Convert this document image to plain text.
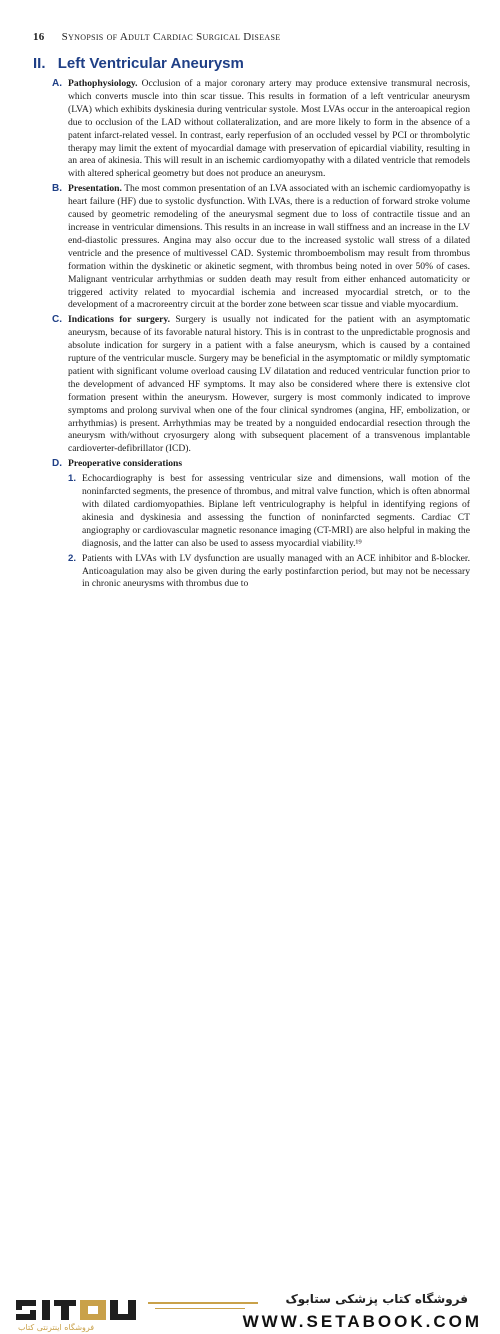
16 Synopsis of Adult Cardiac Surgical Disease
II. Left Ventricular Aneurysm
A. Pathophysiology. Occlusion of a major coronary artery may produce extensive transmural necrosis, which converts muscle into thin scar tissue. This results in formation of a left ventricular aneurysm (LVA) which exhibits dyskinesia during ventricular systole. Most LVAs occur in the anteroapical region due to occlusion of the LAD without collateralization, and are more likely to form in the absence of a patent infarct-related vessel. In contrast, early reperfusion of an occluded vessel by PCI or thrombolytic therapy may limit the extent of myocardial damage with preservation of epicardial viability, resulting in an area of akinesia. This will result in an ischemic cardiomyopathy with a dilated ventricle that remodels with altered spherical geometry but does not produce an aneurysm.
B. Presentation. The most common presentation of an LVA associated with an ischemic cardiomyopathy is heart failure (HF) due to systolic dysfunction. With LVAs, there is a reduction of forward stroke volume caused by geometric remodeling of the aneurysmal segment due to loss of contractile tissue and an increase in ventricular dimensions. This results in an increase in wall stiffness and an increase in the LV end-diastolic pressures. Angina may also occur due to the increased systolic wall stress of a dilated ventricle and the presence of multivessel CAD. Systemic thromboembolism may result from thrombus formation within the dyskinetic or akinetic segment, with thrombus being noted in over 50% of cases. Malignant ventricular arrhythmias or sudden death may result from either enhanced automaticity or triggered activity related to myocardial ischemia and increased myocardial stretch, or to the development of a macroreentry circuit at the border zone between scar tissue and viable myocardium.
C. Indications for surgery. Surgery is usually not indicated for the patient with an asymptomatic aneurysm, because of its favorable natural history. This is in contrast to the unpredictable prognosis and absolute indication for surgery in a patient with a false aneurysm, which is caused by a contained rupture of the ventricular muscle. Surgery may be beneficial in the asymptomatic or mildly symptomatic patient with significant volume overload causing LV dilatation and reduced ventricular function prior to the development of advanced HF symptoms. It may also be considered where there is extensive clot formation present within the aneurysm. However, surgery is most commonly indicated to improve symptoms and prolong survival when one of the four clinical syndromes (angina, HF, embolization, or arrhythmias) is present. Arrhythmias may be treated by a nonguided endocardial resection through the aneurysm with/without cryosurgery along with subsequent placement of a transvenous implantable cardioverter-defibrillator (ICD).
D. Preoperative considerations
1. Echocardiography is best for assessing ventricular size and dimensions, wall motion of the noninfarcted segments, the presence of thrombus, and mitral valve function, which is often abnormal with dilated cardiomyopathies. Biplane left ventriculography is helpful in identifying regions of akinesia and dyskinesia and assessing the function of noninfarcted segments. Cardiac CT angiography or cardiovascular magnetic resonance imaging (CT-MRI) are also helpful in making the diagnosis, and the latter can also be used to assess myocardial viability.¹⁹
2. Patients with LVAs with LV dysfunction are usually managed with an ACE inhibitor and ß-blocker. Anticoagulation may also be given during the early postinfarction period, but may not be necessary in chronic aneurysms with thrombus due to
فروشگاه اینترنتی کتاب
فروشگاه کتاب پزشکی ستابوک
WWW.SETABOOK.COM
